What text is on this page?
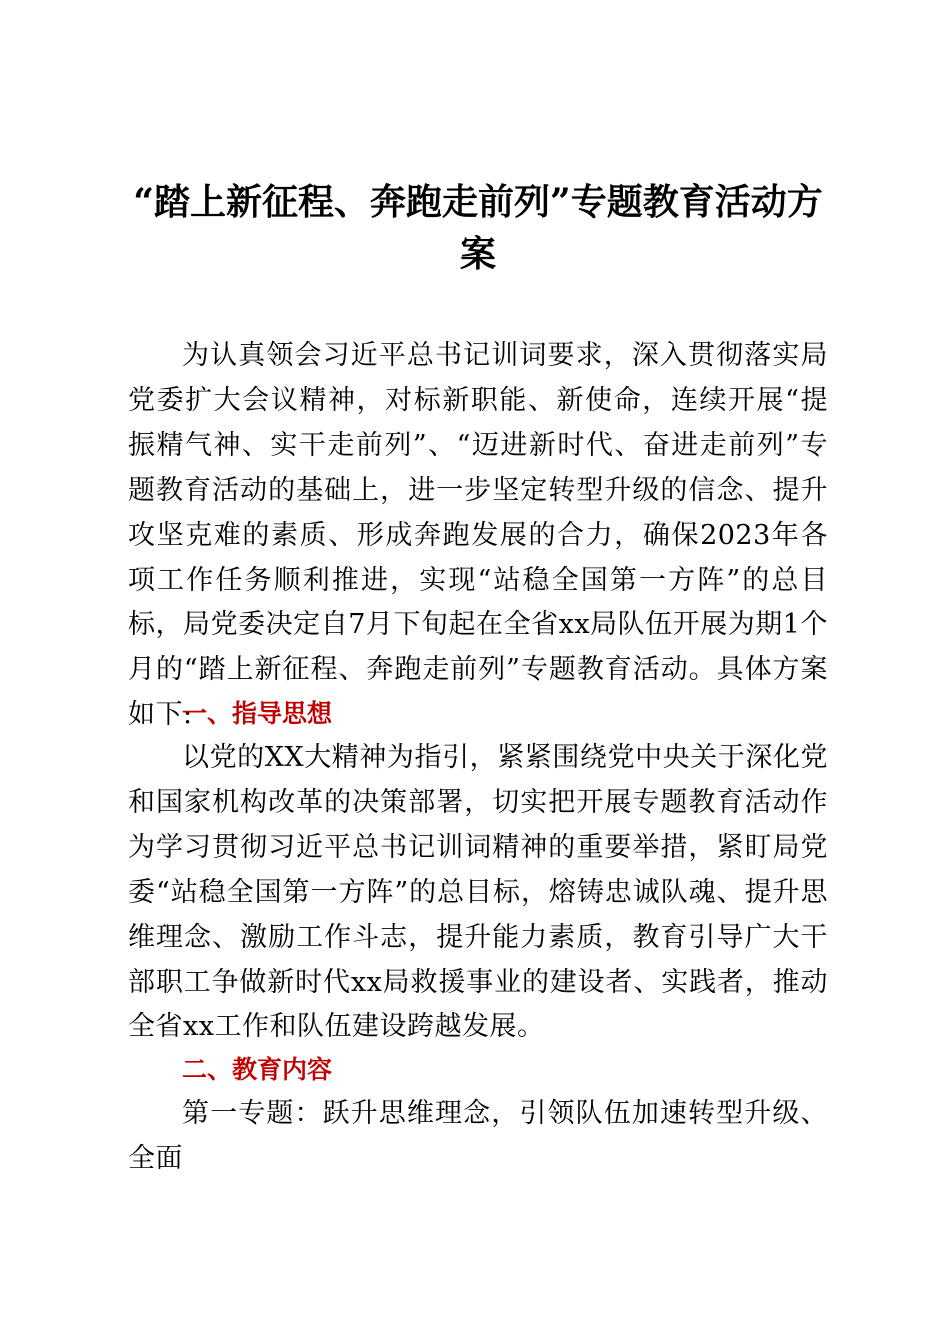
“踏上新征程、奔跑走前列”专题教育活动方案

为认真领会习近平总书记训词要求，深入贯彻落实局党委扩大会议精神，对标新职能、新使命，连续开展“提振精气神、实干走前列”、“迈进新时代、奋进走前列”专题教育活动的基础上，进一步坚定转型升级的信念、提升攻坚克难的素质、形成奔跑发展的合力，确保2023年各项工作任务顺利推进，实现“站稳全国第一方阵”的总目标，局党委决定自7月下旬起在全省xx局队伍开展为期1个月的“踏上新征程、奔跑走前列”专题教育活动。具体方案如下:

一、指导思想

以党的XX大精神为指引，紧紧围绕党中央关于深化党和国家机构改革的决策部署，切实把开展专题教育活动作为学习贯彻习近平总书记训词精神的重要举措，紧盯局党委“站稳全国第一方阵”的总目标，熔铸忠诚队魂、提升思维理念、激励工作斗志，提升能力素质，教育引导广大干部职工争做新时代xx局救援事业的建设者、实践者，推动全省xx工作和队伍建设跨越发展。

二、教育内容

第一专题：跃升思维理念，引领队伍加速转型升级、全面
